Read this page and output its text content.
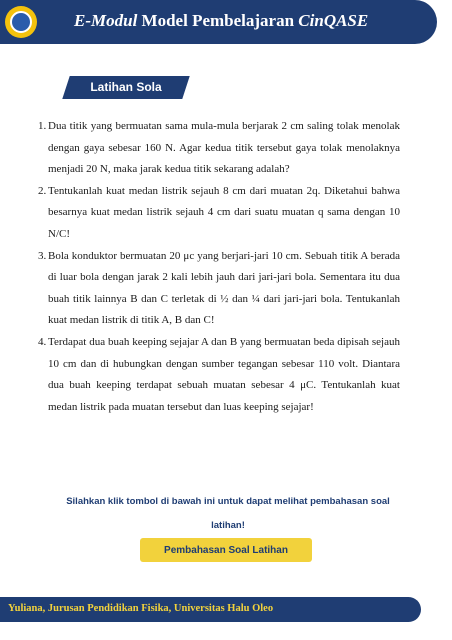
E-Modul Model Pembelajaran CinQASE
Latihan Sola
1. Dua titik yang bermuatan sama mula-mula berjarak 2 cm saling tolak menolak dengan gaya sebesar 160 N. Agar kedua titik tersebut gaya tolak menolaknya menjadi 20 N, maka jarak kedua titik sekarang adalah?
2. Tentukanlah kuat medan listrik sejauh 8 cm dari muatan 2q. Diketahui bahwa besarnya kuat medan listrik sejauh 4 cm dari suatu muatan q sama dengan 10 N/C!
3. Bola konduktor bermuatan 20 μc yang berjari-jari 10 cm. Sebuah titik A berada di luar bola dengan jarak 2 kali lebih jauh dari jari-jari bola. Sementara itu dua buah titik lainnya B dan C terletak di ½ dan ¼ dari jari-jari bola. Tentukanlah kuat medan listrik di titik A, B dan C!
4. Terdapat dua buah keeping sejajar A dan B yang bermuatan beda dipisah sejauh 10 cm dan di hubungkan dengan sumber tegangan sebesar 110 volt. Diantara dua buah keeping terdapat sebuah muatan sebesar 4 μC. Tentukanlah kuat medan listrik pada muatan tersebut dan luas keeping sejajar!
Silahkan klik tombol di bawah ini untuk dapat melihat pembahasan soal latihan!
Pembahasan Soal Latihan
Yuliana, Jurusan Pendidikan Fisika, Universitas Halu Oleo
